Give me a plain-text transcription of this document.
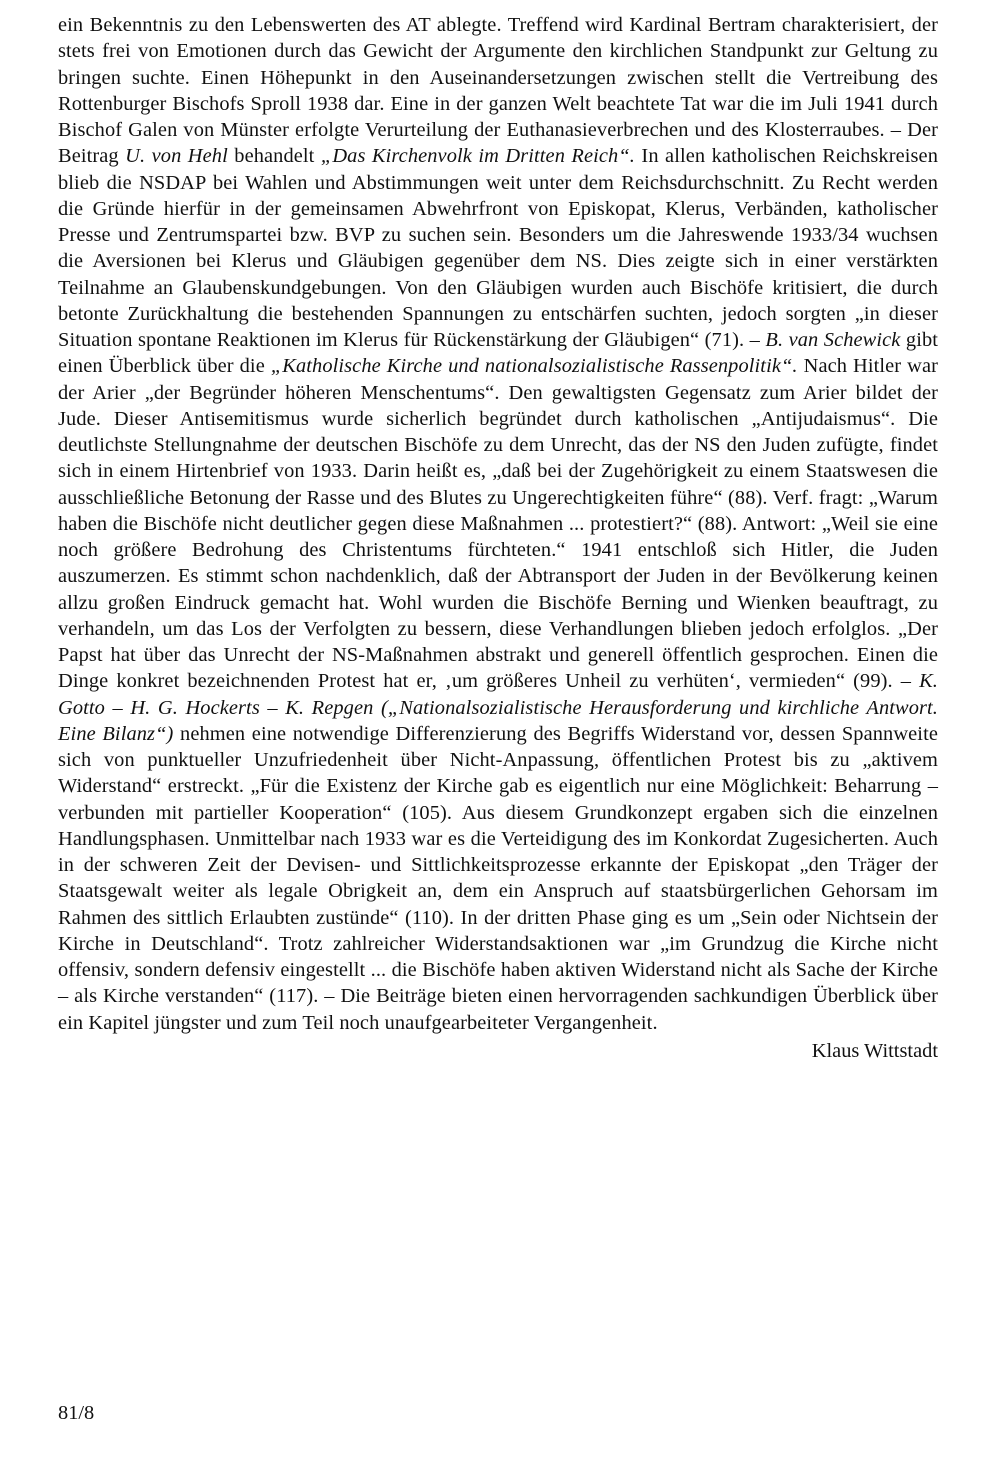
ein Bekenntnis zu den Lebenswerten des AT ablegte. Treffend wird Kardinal Bertram charakterisiert, der stets frei von Emotionen durch das Gewicht der Argumente den kirchlichen Standpunkt zur Geltung zu bringen suchte. Einen Höhepunkt in den Auseinandersetzungen zwischen stellt die Vertreibung des Rottenburger Bischofs Sproll 1938 dar. Eine in der ganzen Welt beachtete Tat war die im Juli 1941 durch Bischof Galen von Münster erfolgte Verurteilung der Euthanasieverbrechen und des Klosterraubes. – Der Beitrag U. von Hehl behandelt „Das Kirchenvolk im Dritten Reich“. In allen katholischen Reichskreisen blieb die NSDAP bei Wahlen und Abstimmungen weit unter dem Reichsdurchschnitt. Zu Recht werden die Gründe hierfür in der gemeinsamen Abwehrfront von Episkopat, Klerus, Verbänden, katholischer Presse und Zentrumspartei bzw. BVP zu suchen sein. Besonders um die Jahreswende 1933/34 wuchsen die Aversionen bei Klerus und Gläubigen gegenüber dem NS. Dies zeigte sich in einer verstärkten Teilnahme an Glaubenskundgebungen. Von den Gläubigen wurden auch Bischöfe kritisiert, die durch betonte Zurückhaltung die bestehenden Spannungen zu entschärfen suchten, jedoch sorgten „in dieser Situation spontane Reaktionen im Klerus für Rückenstärkung der Gläubigen“ (71). – B. van Schewick gibt einen Überblick über die „Katholische Kirche und nationalsozialistische Rassenpolitik“. Nach Hitler war der Arier „der Begründer höheren Menschentums“. Den gewaltigsten Gegensatz zum Arier bildet der Jude. Dieser Antisemitismus wurde sicherlich begründet durch katholischen „Antijudaismus“. Die deutlichste Stellungnahme der deutschen Bischöfe zu dem Unrecht, das der NS den Juden zufügte, findet sich in einem Hirtenbrief von 1933. Darin heißt es, „daß bei der Zugehörigkeit zu einem Staatswesen die ausschließliche Betonung der Rasse und des Blutes zu Ungerechtigkeiten führe“ (88). Verf. fragt: „Warum haben die Bischöfe nicht deutlicher gegen diese Maßnahmen ... protestiert?“ (88). Antwort: „Weil sie eine noch größere Bedrohung des Christentums fürchteten.“ 1941 entschloß sich Hitler, die Juden auszumerzen. Es stimmt schon nachdenklich, daß der Abtransport der Juden in der Bevölkerung keinen allzu großen Eindruck gemacht hat. Wohl wurden die Bischöfe Berning und Wienken beauftragt, zu verhandeln, um das Los der Verfolgten zu bessern, diese Verhandlungen blieben jedoch erfolglos. „Der Papst hat über das Unrecht der NS-Maßnahmen abstrakt und generell öffentlich gesprochen. Einen die Dinge konkret bezeichnenden Protest hat er, ‚um größeres Unheil zu verhüten‘, vermieden“ (99). – K. Gotto – H. G. Hockerts – K. Repgen („Nationalsozialistische Herausforderung und kirchliche Antwort. Eine Bilanz“) nehmen eine notwendige Differenzierung des Begriffs Widerstand vor, dessen Spannweite sich von punktueller Unzufriedenheit über Nicht-Anpassung, öffentlichen Protest bis zu „aktivem Widerstand“ erstreckt. „Für die Existenz der Kirche gab es eigentlich nur eine Möglichkeit: Beharrung – verbunden mit partieller Kooperation“ (105). Aus diesem Grundkonzept ergaben sich die einzelnen Handlungsphasen. Unmittelbar nach 1933 war es die Verteidigung des im Konkordat Zugesicherten. Auch in der schweren Zeit der Devisen- und Sittlichkeitsprozesse erkannte der Episkopat „den Träger der Staatsgewalt weiter als legale Obrigkeit an, dem ein Anspruch auf staatsbürgerlichen Gehorsam im Rahmen des sittlich Erlaubten zustünde“ (110). In der dritten Phase ging es um „Sein oder Nichtsein der Kirche in Deutschland“. Trotz zahlreicher Widerstandsaktionen war „im Grundzug die Kirche nicht offensiv, sondern defensiv eingestellt ... die Bischöfe haben aktiven Widerstand nicht als Sache der Kirche – als Kirche verstanden“ (117). – Die Beiträge bieten einen hervorragenden sachkundigen Überblick über ein Kapitel jüngster und zum Teil noch unaufgearbeiteter Vergangenheit.

Klaus Wittstadt

81/8
